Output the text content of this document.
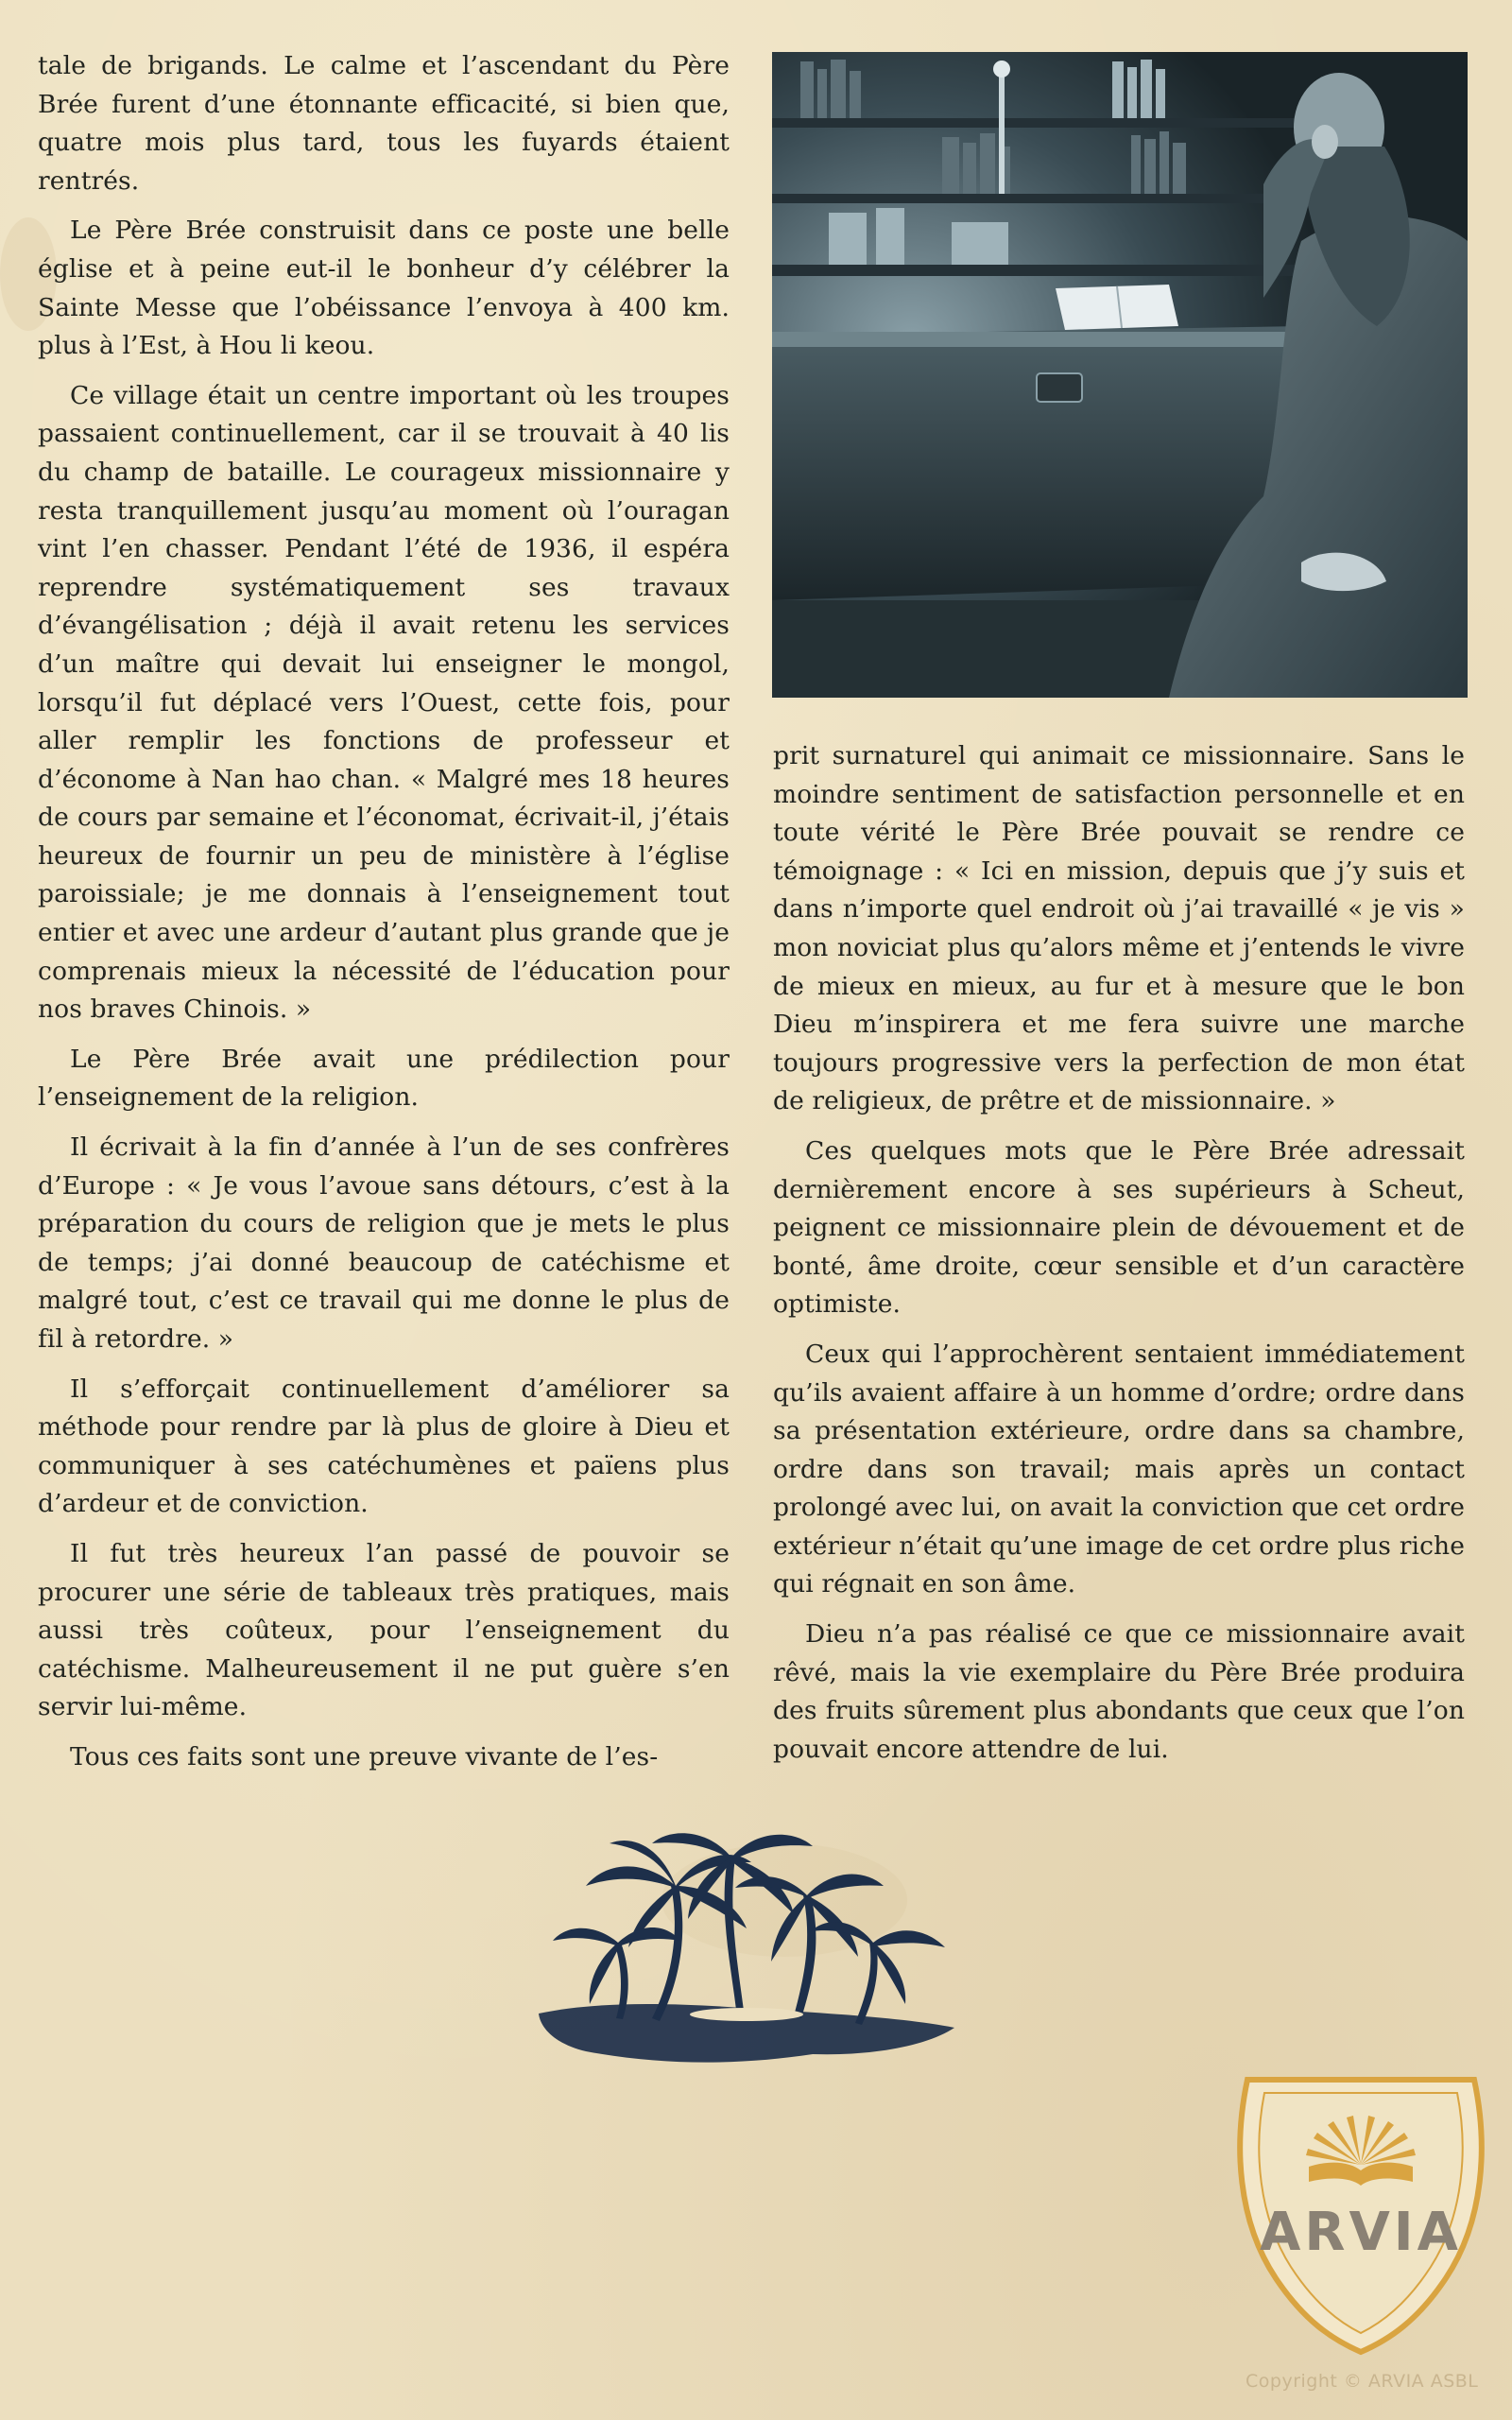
tale de brigands. Le calme et l’ascendant du Père Brée furent d’une étonnante efficacité, si bien que, quatre mois plus tard, tous les fuyards étaient rentrés.

Le Père Brée construisit dans ce poste une belle église et à peine eut-il le bonheur d’y célébrer la Sainte Messe que l’obéissance l’envoya à 400 km. plus à l’Est, à Hou li keou.

Ce village était un centre important où les troupes passaient continuellement, car il se trouvait à 40 lis du champ de bataille. Le courageux missionnaire y resta tranquillement jusqu’au moment où l’ouragan vint l’en chasser. Pendant l’été de 1936, il espéra reprendre systématiquement ses travaux d’évangélisation ; déjà il avait retenu les services d’un maître qui devait lui enseigner le mongol, lorsqu’il fut déplacé vers l’Ouest, cette fois, pour aller remplir les fonctions de professeur et d’économe à Nan hao chan. « Malgré mes 18 heures de cours par semaine et l’économat, écrivait-il, j’étais heureux de fournir un peu de ministère à l’église paroissiale; je me donnais à l’enseignement tout entier et avec une ardeur d’autant plus grande que je comprenais mieux la nécessité de l’éducation pour nos braves Chinois. »

Le Père Brée avait une prédilection pour l’enseignement de la religion.

Il écrivait à la fin d’année à l’un de ses confrères d’Europe : « Je vous l’avoue sans détours, c’est à la préparation du cours de religion que je mets le plus de temps; j’ai donné beaucoup de catéchisme et malgré tout, c’est ce travail qui me donne le plus de fil à retordre. »

Il s’efforçait continuellement d’améliorer sa méthode pour rendre par là plus de gloire à Dieu et communiquer à ses catéchumènes et païens plus d’ardeur et de conviction.

Il fut très heureux l’an passé de pouvoir se procurer une série de tableaux très pratiques, mais aussi très coûteux, pour l’enseignement du catéchisme. Malheureusement il ne put guère s’en servir lui-même.

Tous ces faits sont une preuve vivante de l’es-

prit surnaturel qui animait ce missionnaire. Sans le moindre sentiment de satisfaction personnelle et en toute vérité le Père Brée pouvait se rendre ce témoignage : « Ici en mission, depuis que j’y suis et dans n’importe quel endroit où j’ai travaillé « je vis » mon noviciat plus qu’alors même et j’entends le vivre de mieux en mieux, au fur et à mesure que le bon Dieu m’inspirera et me fera suivre une marche toujours progressive vers la perfection de mon état de religieux, de prêtre et de missionnaire. »

Ces quelques mots que le Père Brée adressait dernièrement encore à ses supérieurs à Scheut, peignent ce missionnaire plein de dévouement et de bonté, âme droite, cœur sensible et d’un caractère optimiste.

Ceux qui l’approchèrent sentaient immédiatement qu’ils avaient affaire à un homme d’ordre; ordre dans sa présentation extérieure, ordre dans sa chambre, ordre dans son travail; mais après un contact prolongé avec lui, on avait la conviction que cet ordre extérieur n’était qu’une image de cet ordre plus riche qui régnait en son âme.

Dieu n’a pas réalisé ce que ce missionnaire avait rêvé, mais la vie exemplaire du Père Brée produira des fruits sûrement plus abondants que ceux que l’on pouvait encore attendre de lui.

ARVIA
Copyright © ARVIA ASBL
